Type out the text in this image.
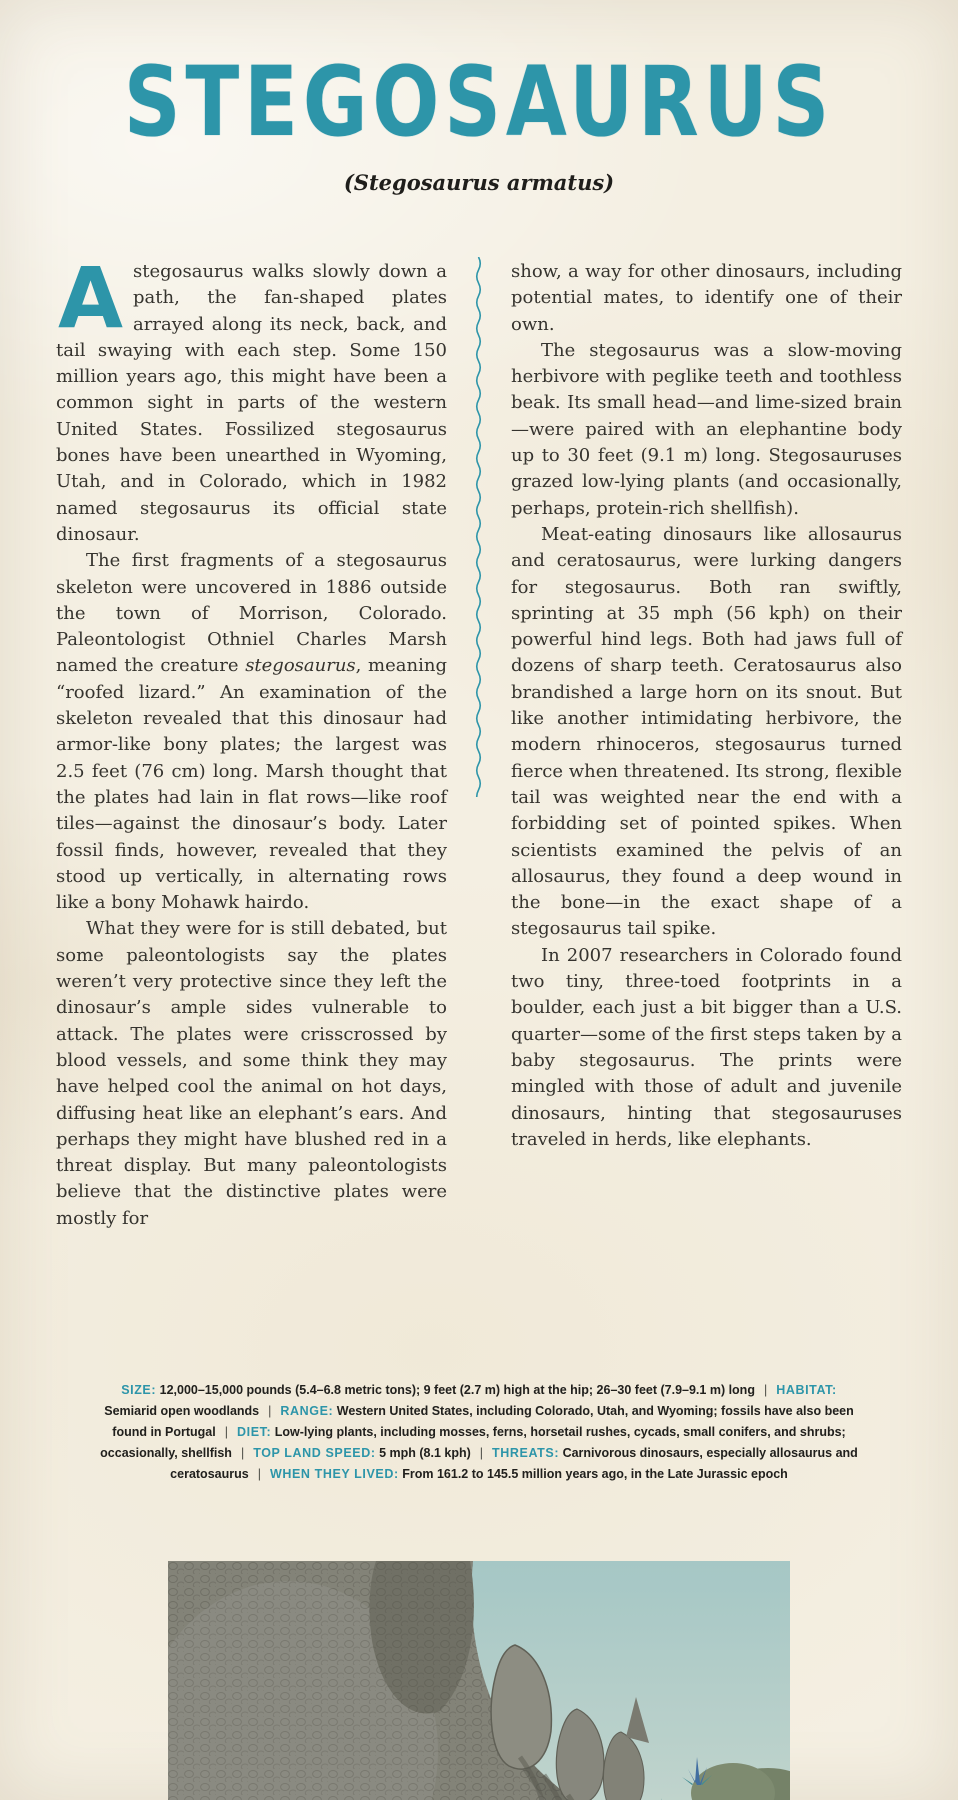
STEGOSAURUS
(Stegosaurus armatus)

Astegosaurus walks slowly down a path, the fan-shaped plates arrayed along its neck, back, and tail swaying with each step. Some 150 million years ago, this might have been a common sight in parts of the western United States. Fossilized stegosaurus bones have been unearthed in Wyoming, Utah, and in Colorado, which in 1982 named stegosaurus its official state dinosaur.

The first fragments of a stegosaurus skeleton were uncovered in 1886 outside the town of Morrison, Colorado. Paleontologist Othniel Charles Marsh named the creature stegosaurus, meaning “roofed lizard.” An examination of the skeleton revealed that this dinosaur had armor-like bony plates; the largest was 2.5 feet (76 cm) long. Marsh thought that the plates had lain in flat rows—like roof tiles—against the dinosaur’s body. Later fossil finds, however, revealed that they stood up vertically, in alternating rows like a bony Mohawk hairdo.

What they were for is still debated, but some paleontologists say the plates weren’t very protective since they left the dinosaur’s ample sides vulnerable to attack. The plates were crisscrossed by blood vessels, and some think they may have helped cool the animal on hot days, diffusing heat like an elephant’s ears. And perhaps they might have blushed red in a threat display. But many paleontologists believe that the distinctive plates were mostly for

show, a way for other dinosaurs, including potential mates, to identify one of their own.

The stegosaurus was a slow-moving herbivore with peglike teeth and toothless beak. Its small head—and lime-sized brain—were paired with an elephantine body up to 30 feet (9.1 m) long. Stegosauruses grazed low-lying plants (and occasionally, perhaps, protein-rich shellfish).

Meat-eating dinosaurs like allosaurus and ceratosaurus, were lurking dangers for stegosaurus. Both ran swiftly, sprinting at 35 mph (56 kph) on their powerful hind legs. Both had jaws full of dozens of sharp teeth. Ceratosaurus also brandished a large horn on its snout. But like another intimidating herbivore, the modern rhinoceros, stegosaurus turned fierce when threatened. Its strong, flexible tail was weighted near the end with a forbidding set of pointed spikes. When scientists examined the pelvis of an allosaurus, they found a deep wound in the bone—in the exact shape of a stegosaurus tail spike.

In 2007 researchers in Colorado found two tiny, three-toed footprints in a boulder, each just a bit bigger than a U.S. quarter—some of the first steps taken by a baby stegosaurus. The prints were mingled with those of adult and juvenile dinosaurs, hinting that stegosauruses traveled in herds, like elephants.

SIZE: 12,000–15,000 pounds (5.4–6.8 metric tons); 9 feet (2.7 m) high at the hip; 26–30 feet (7.9–9.1 m) long | HABITAT: Semiarid open woodlands | RANGE: Western United States, including Colorado, Utah, and Wyoming; fossils have also been found in Portugal | DIET: Low-lying plants, including mosses, ferns, horsetail rushes, cycads, small conifers, and shrubs; occasionally, shellfish | TOP LAND SPEED: 5 mph (8.1 kph) | THREATS: Carnivorous dinosaurs, especially allosaurus and ceratosaurus | WHEN THEY LIVED: From 161.2 to 145.5 million years ago, in the Late Jurassic epoch
